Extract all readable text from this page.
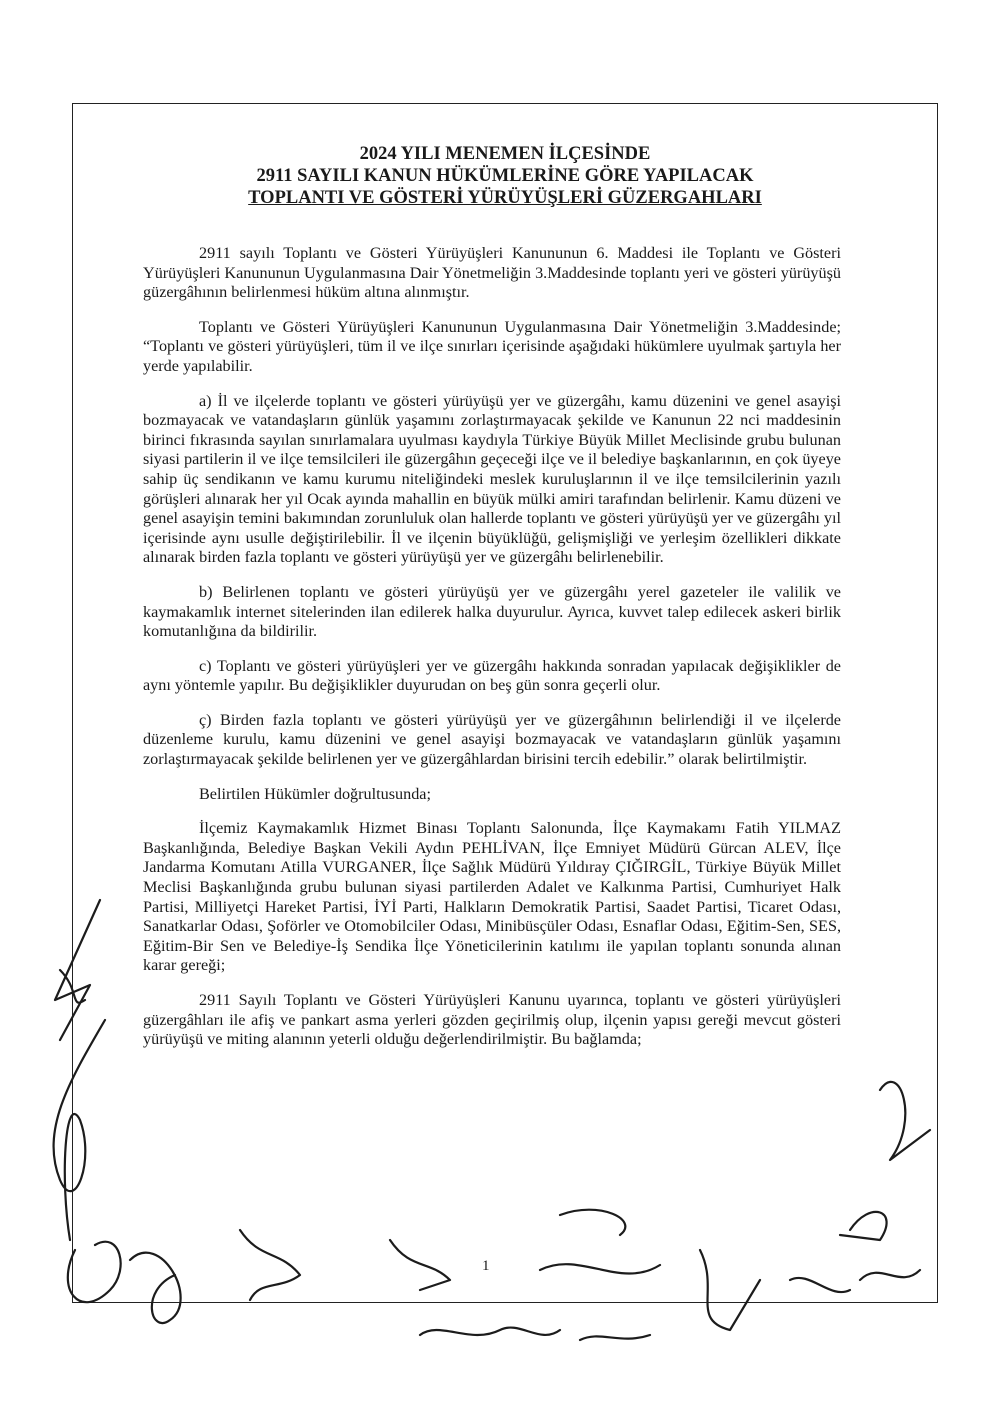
2024 YILI MENEMEN İLÇESİNDE
2911 SAYILI KANUN HÜKÜMLERİNE GÖRE YAPILACAK
TOPLANTI VE GÖSTERİ YÜRÜYÜŞLERİ GÜZERGAHLARI

2911 sayılı Toplantı ve Gösteri Yürüyüşleri Kanununun 6. Maddesi ile Toplantı ve Gösteri Yürüyüşleri Kanununun Uygulanmasına Dair Yönetmeliğin 3.Maddesinde toplantı yeri ve gösteri yürüyüşü güzergâhının belirlenmesi hüküm altına alınmıştır.

Toplantı ve Gösteri Yürüyüşleri Kanununun Uygulanmasına Dair Yönetmeliğin 3.Maddesinde; “Toplantı ve gösteri yürüyüşleri, tüm il ve ilçe sınırları içerisinde aşağıdaki hükümlere uyulmak şartıyla her yerde yapılabilir.

a) İl ve ilçelerde toplantı ve gösteri yürüyüşü yer ve güzergâhı, kamu düzenini ve genel asayişi bozmayacak ve vatandaşların günlük yaşamını zorlaştırmayacak şekilde ve Kanunun 22 nci maddesinin birinci fıkrasında sayılan sınırlamalara uyulması kaydıyla Türkiye Büyük Millet Meclisinde grubu bulunan siyasi partilerin il ve ilçe temsilcileri ile güzergâhın geçeceği ilçe ve il belediye başkanlarının, en çok üyeye sahip üç sendikanın ve kamu kurumu niteliğindeki meslek kuruluşlarının il ve ilçe temsilcilerinin yazılı görüşleri alınarak her yıl Ocak ayında mahallin en büyük mülki amiri tarafından belirlenir. Kamu düzeni ve genel asayişin temini bakımından zorunluluk olan hallerde toplantı ve gösteri yürüyüşü yer ve güzergâhı yıl içerisinde aynı usulle değiştirilebilir. İl ve ilçenin büyüklüğü, gelişmişliği ve yerleşim özellikleri dikkate alınarak birden fazla toplantı ve gösteri yürüyüşü yer ve güzergâhı belirlenebilir.

b) Belirlenen toplantı ve gösteri yürüyüşü yer ve güzergâhı yerel gazeteler ile valilik ve kaymakamlık internet sitelerinden ilan edilerek halka duyurulur. Ayrıca, kuvvet talep edilecek askeri birlik komutanlığına da bildirilir.

c) Toplantı ve gösteri yürüyüşleri yer ve güzergâhı hakkında sonradan yapılacak değişiklikler de aynı yöntemle yapılır. Bu değişiklikler duyurudan on beş gün sonra geçerli olur.

ç) Birden fazla toplantı ve gösteri yürüyüşü yer ve güzergâhının belirlendiği il ve ilçelerde düzenleme kurulu, kamu düzenini ve genel asayişi bozmayacak ve vatandaşların günlük yaşamını zorlaştırmayacak şekilde belirlenen yer ve güzergâhlardan birisini tercih edebilir.” olarak belirtilmiştir.

Belirtilen Hükümler doğrultusunda;

İlçemiz Kaymakamlık Hizmet Binası Toplantı Salonunda, İlçe Kaymakamı Fatih YILMAZ Başkanlığında, Belediye Başkan Vekili Aydın PEHLİVAN, İlçe Emniyet Müdürü Gürcan ALEV, İlçe Jandarma Komutanı Atilla VURGANER, İlçe Sağlık Müdürü Yıldıray ÇIĞIRGİL, Türkiye Büyük Millet Meclisi Başkanlığında grubu bulunan siyasi partilerden Adalet ve Kalkınma Partisi, Cumhuriyet Halk Partisi, Milliyetçi Hareket Partisi, İYİ Parti, Halkların Demokratik Partisi, Saadet Partisi, Ticaret Odası, Sanatkarlar Odası, Şoförler ve Otomobilciler Odası, Minibüsçüler Odası, Esnaflar Odası, Eğitim-Sen, SES, Eğitim-Bir Sen ve Belediye-İş Sendika İlçe Yöneticilerinin katılımı ile yapılan toplantı sonunda alınan karar gereği;

2911 Sayılı Toplantı ve Gösteri Yürüyüşleri Kanunu uyarınca, toplantı ve gösteri yürüyüşleri güzergâhları ile afiş ve pankart asma yerleri gözden geçirilmiş olup, ilçenin yapısı gereği mevcut gösteri yürüyüşü ve miting alanının yeterli olduğu değerlendirilmiştir. Bu bağlamda;

1
